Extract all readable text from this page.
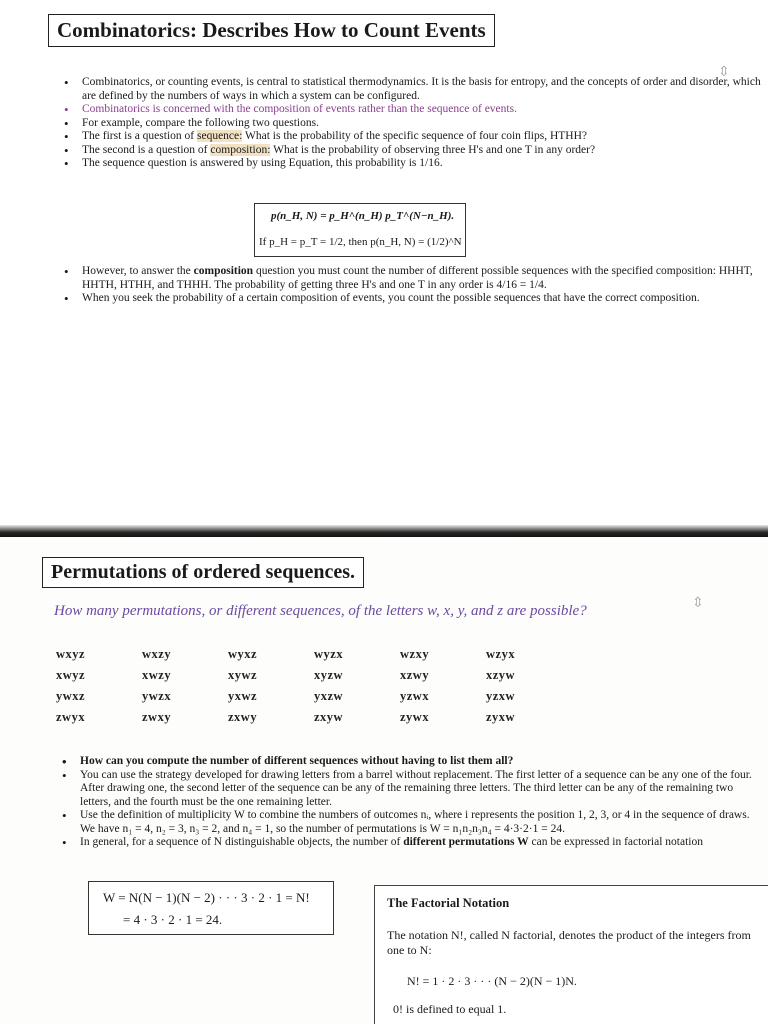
Combinatorics: Describes How to Count Events
⇳
• Combinatorics, or counting events, is central to statistical thermodynamics. It is the basis for entropy, and the concepts of order and disorder, which are defined by the numbers of ways in which a system can be configured.
• Combinatorics is concerned with the composition of events rather than the sequence of events.
• For example, compare the following two questions.
• The first is a question of sequence: What is the probability of the specific sequence of four coin flips, HTHH?
• The second is a question of composition: What is the probability of observing three H's and one T in any order?
• The sequence question is answered by using Equation, this probability is 1/16.
p(n_H, N) = p_H^(n_H) p_T^(N−n_H).
If p_H = p_T = 1/2, then p(n_H, N) = (1/2)^N
• However, to answer the composition question you must count the number of different possible sequences with the specified composition: HHHT, HHTH, HTHH, and THHH. The probability of getting three H's and one T in any order is 4/16 = 1/4.
• When you seek the probability of a certain composition of events, you count the possible sequences that have the correct composition.
Permutations of ordered sequences.
⇳
How many permutations, or different sequences, of the letters w, x, y, and z are possible?
wxyz
xwyz
ywxz
zwyx
wxzy
xwzy
ywzx
zwxy
wyxz
xywz
yxwz
zxwy
wyzx
xyzw
yxzw
zxyw
wzxy
xzwy
yzwx
zywx
wzyx
xzyw
yzxw
zyxw
• How can you compute the number of different sequences without having to list them all?
• You can use the strategy developed for drawing letters from a barrel without replacement. The first letter of a sequence can be any one of the four. After drawing one, the second letter of the sequence can be any of the remaining three letters. The third letter can be any of the remaining two letters, and the fourth must be the one remaining letter.
• Use the definition of multiplicity W to combine the numbers of outcomes nᵢ, where i represents the position 1, 2, 3, or 4 in the sequence of draws. We have n₁ = 4, n₂ = 3, n₃ = 2, and n₄ = 1, so the number of permutations is W = n₁n₂n₃n₄ = 4·3·2·1 = 24.
• In general, for a sequence of N distinguishable objects, the number of different permutations W can be expressed in factorial notation
W = N(N − 1)(N − 2) · · · 3 · 2 · 1 = N!
= 4 · 3 · 2 · 1 = 24.
The Factorial Notation
The notation N!, called N factorial, denotes the product of the integers from one to N:
N! = 1 · 2 · 3 · · · (N − 2)(N − 1)N.
0! is defined to equal 1.
